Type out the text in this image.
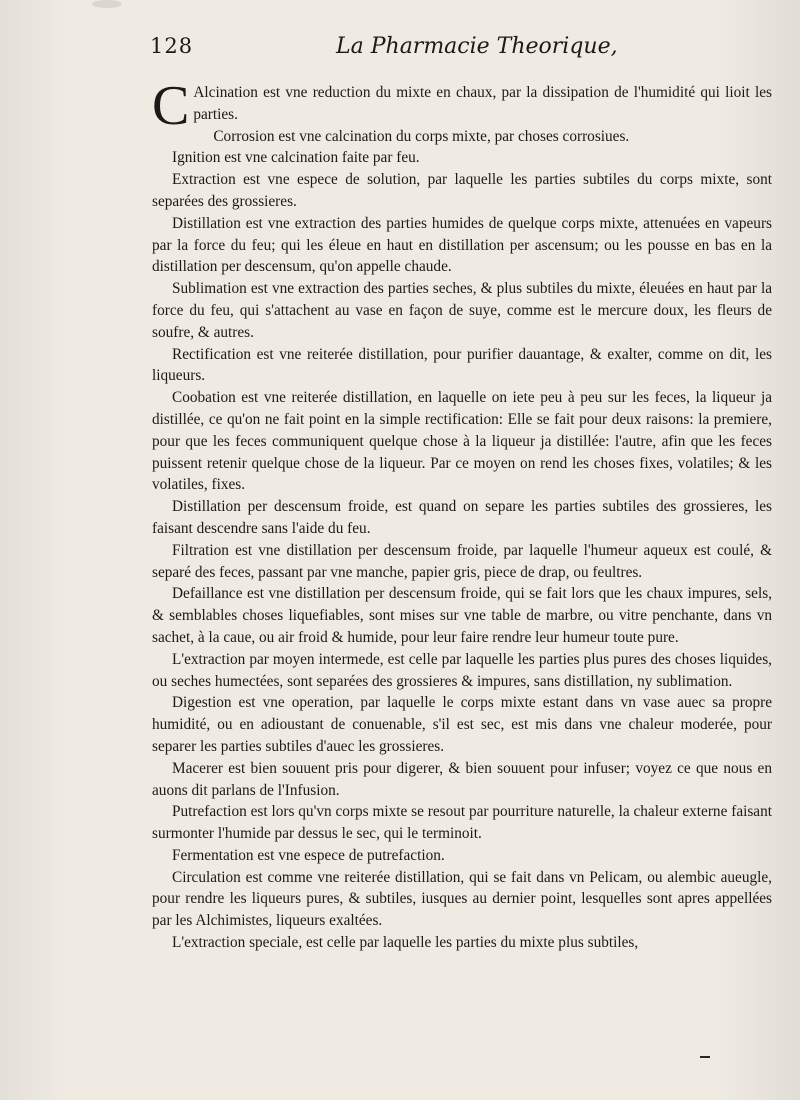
128	La Pharmacie Theorique,

C Alcination est vne reduction du mixte en chaux, par la dissipation de l'humidité qui lioit les parties.

Corrosion est vne calcination du corps mixte, par choses corrosiues.

Ignition est vne calcination faite par feu.

Extraction est vne espece de solution, par laquelle les parties subtiles du corps mixte, sont separées des grossieres.

Distillation est vne extraction des parties humides de quelque corps mixte, attenuées en vapeurs par la force du feu; qui les éleue en haut en distillation per ascensum; ou les pousse en bas en la distillation per descensum, qu'on appelle chaude.

Sublimation est vne extraction des parties seches, & plus subtiles du mixte, éleuées en haut par la force du feu, qui s'attachent au vase en façon de suye, comme est le mercure doux, les fleurs de soufre, & autres.

Rectification est vne reiterée distillation, pour purifier dauantage, & exalter, comme on dit, les liqueurs.

Coobation est vne reiterée distillation, en laquelle on iete peu à peu sur les feces, la liqueur ja distillée, ce qu'on ne fait point en la simple rectification: Elle se fait pour deux raisons: la premiere, pour que les feces communiquent quelque chose à la liqueur ja distillée: l'autre, afin que les feces puissent retenir quelque chose de la liqueur. Par ce moyen on rend les choses fixes, volatiles; & les volatiles, fixes.

Distillation per descensum froide, est quand on separe les parties subtiles des grossieres, les faisant descendre sans l'aide du feu.

Filtration est vne distillation per descensum froide, par laquelle l'humeur aqueux est coulé, & separé des feces, passant par vne manche, papier gris, piece de drap, ou feultres.

Defaillance est vne distillation per descensum froide, qui se fait lors que les chaux impures, sels, & semblables choses liquefiables, sont mises sur vne table de marbre, ou vitre penchante, dans vn sachet, à la caue, ou air froid & humide, pour leur faire rendre leur humeur toute pure.

L'extraction par moyen intermede, est celle par laquelle les parties plus pures des choses liquides, ou seches humectées, sont separées des grossieres & impures, sans distillation, ny sublimation.

Digestion est vne operation, par laquelle le corps mixte estant dans vn vase auec sa propre humidité, ou en adioustant de conuenable, s'il est sec, est mis dans vne chaleur moderée, pour separer les parties subtiles d'auec les grossieres.

Macerer est bien souuent pris pour digerer, & bien souuent pour infuser; voyez ce que nous en auons dit parlans de l'Infusion.

Putrefaction est lors qu'vn corps mixte se resout par pourriture naturelle, la chaleur externe faisant surmonter l'humide par dessus le sec, qui le terminoit.

Fermentation est vne espece de putrefaction.

Circulation est comme vne reiterée distillation, qui se fait dans vn Pelicam, ou alembic aueugle, pour rendre les liqueurs pures, & subtiles, iusques au dernier point, lesquelles sont apres appellées par les Alchimistes, liqueurs exaltées.

L'extraction speciale, est celle par laquelle les parties du mixte plus subtiles,
